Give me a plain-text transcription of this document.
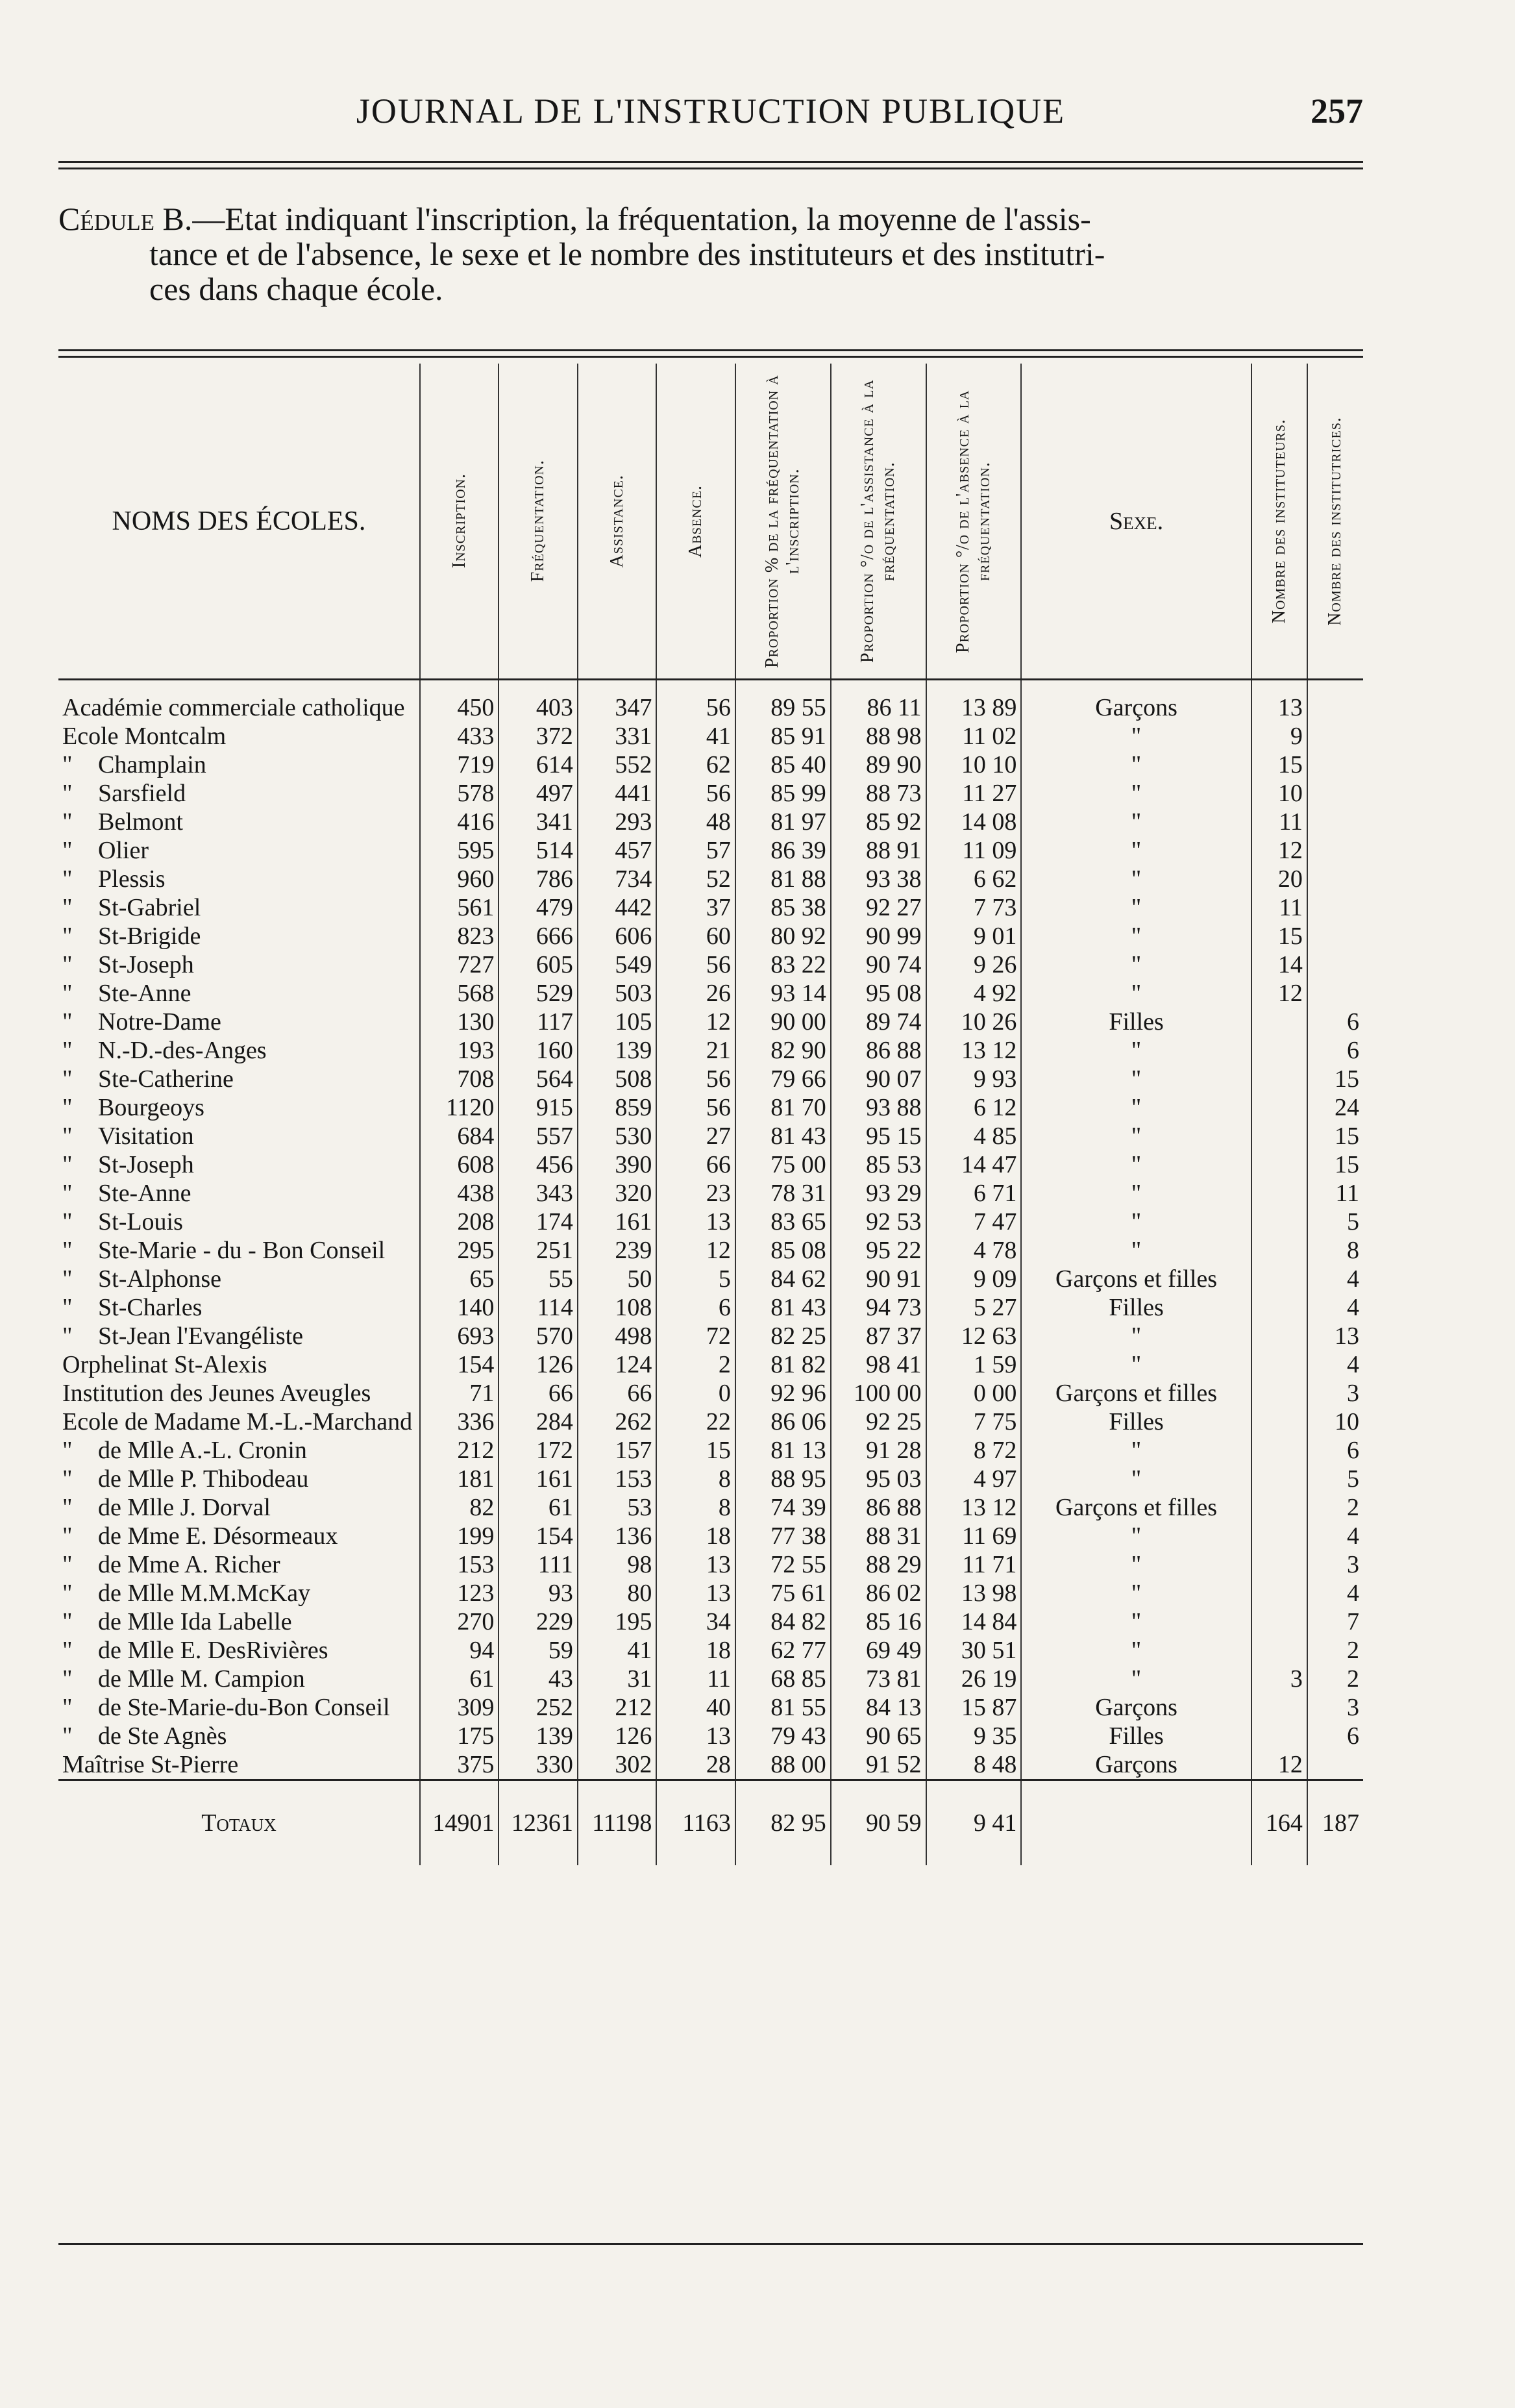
JOURNAL DE L'INSTRUCTION PUBLIQUE	257
Cédule B.—Etat indiquant l'inscription, la fréquentation, la moyenne de l'assis-
tance et de l'absence, le sexe et le nombre des instituteurs et des institutri-
ces dans chaque école.
NOMS DES ÉCOLES.	Inscription.	Fréquentation.	Assistance.	Absence.	Proportion % de la fréquentation à l'inscription.	Proportion °/o de l'assistance à la fréquentation.	Proportion °/o de l'absence à la fréquentation.	Sexe.	Nombre des instituteurs.	Nombre des institutrices.

Académie commerciale catholique	450	403	347	56	89 55	86 11	13 89	Garçons	13	

Ecole Montcalm	433	372	331	41	85 91	88 98	11 02	"	9	

" Champlain	719	614	552	62	85 40	89 90	10 10	"	15	

" Sarsfield	578	497	441	56	85 99	88 73	11 27	"	10	

" Belmont	416	341	293	48	81 97	85 92	14 08	"	11	

" Olier	595	514	457	57	86 39	88 91	11 09	"	12	

" Plessis	960	786	734	52	81 88	93 38	6 62	"	20	

" St-Gabriel	561	479	442	37	85 38	92 27	7 73	"	11	

" St-Brigide	823	666	606	60	80 92	90 99	9 01	"	15	

" St-Joseph	727	605	549	56	83 22	90 74	9 26	"	14	

" Ste-Anne	568	529	503	26	93 14	95 08	4 92	"	12	

" Notre-Dame	130	117	105	12	90 00	89 74	10 26	Filles		6

" N.-D.-des-Anges	193	160	139	21	82 90	86 88	13 12	"		6

" Ste-Catherine	708	564	508	56	79 66	90 07	9 93	"		15

" Bourgeoys	1120	915	859	56	81 70	93 88	6 12	"		24

" Visitation	684	557	530	27	81 43	95 15	4 85	"		15

" St-Joseph	608	456	390	66	75 00	85 53	14 47	"		15

" Ste-Anne	438	343	320	23	78 31	93 29	6 71	"		11

" St-Louis	208	174	161	13	83 65	92 53	7 47	"		5

" Ste-Marie - du - Bon Conseil	295	251	239	12	85 08	95 22	4 78	"		8

" St-Alphonse	65	55	50	5	84 62	90 91	9 09	Garçons et filles		4

" St-Charles	140	114	108	6	81 43	94 73	5 27	Filles		4

" St-Jean l'Evangéliste	693	570	498	72	82 25	87 37	12 63	"		13

Orphelinat St-Alexis	154	126	124	2	81 82	98 41	1 59	"		4

Institution des Jeunes Aveugles	71	66	66	0	92 96	100 00	0 00	Garçons et filles		3

Ecole de Madame M.-L.-Marchand	336	284	262	22	86 06	92 25	7 75	Filles		10

" de Mlle A.-L. Cronin	212	172	157	15	81 13	91 28	8 72	"		6

" de Mlle P. Thibodeau	181	161	153	8	88 95	95 03	4 97	"		5

" de Mlle J. Dorval	82	61	53	8	74 39	86 88	13 12	Garçons et filles		2

" de Mme E. Désormeaux	199	154	136	18	77 38	88 31	11 69	"		4

" de Mme A. Richer	153	111	98	13	72 55	88 29	11 71	"		3

" de Mlle M.M.McKay	123	93	80	13	75 61	86 02	13 98	"		4

" de Mlle Ida Labelle	270	229	195	34	84 82	85 16	14 84	"		7

" de Mlle E. DesRivières	94	59	41	18	62 77	69 49	30 51	"		2

" de Mlle M. Campion	61	43	31	11	68 85	73 81	26 19	"	3	2

" de Ste-Marie-du-Bon Conseil	309	252	212	40	81 55	84 13	15 87	Garçons		3

" de Ste Agnès	175	139	126	13	79 43	90 65	9 35	Filles		6

Maîtrise St-Pierre	375	330	302	28	88 00	91 52	8 48	Garçons	12	
Totaux	14901	12361	11198	1163	82 95	90 59	9 41		164	187
